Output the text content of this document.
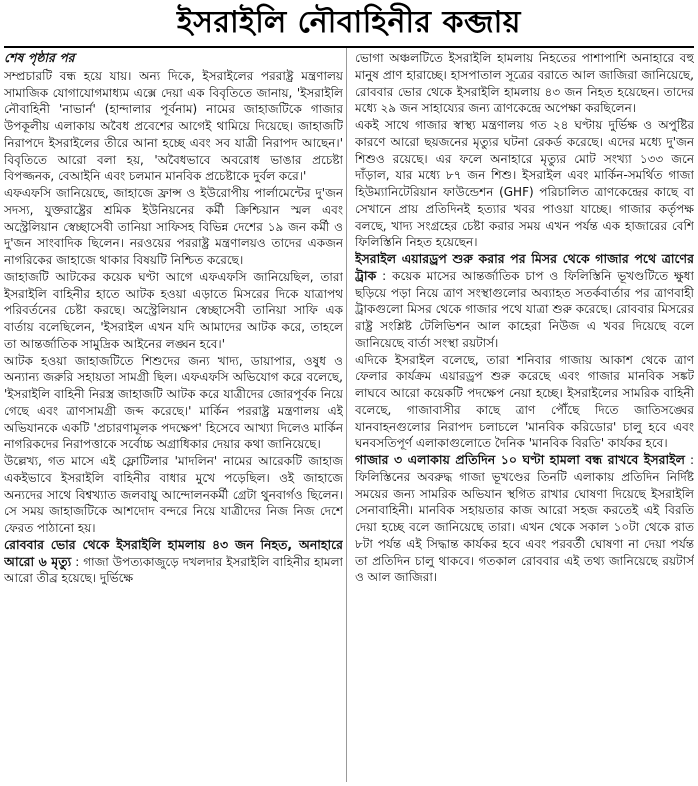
ইসরাইলি নৌবাহিনীর কব্জায়

শেষ পৃষ্ঠার পর

সম্প্রচারটি বন্ধ হয়ে যায়। অন্য দিকে, ইসরাইলের পররাষ্ট্র মন্ত্রণালয় সামাজিক যোগাযোগমাধ্যম এক্সে দেয়া এক বিবৃতিতে জানায়, 'ইসরাইলি নৌবাহিনী 'নাভার্ন' (হান্দালার পূর্বনাম) নামের জাহাজটিকে গাজার উপকূলীয় এলাকায় অবৈধ প্রবেশের আগেই থামিয়ে দিয়েছে। জাহাজটি নিরাপদে ইসরাইলের তীরে আনা হচ্ছে এবং সব যাত্রী নিরাপদ আছেন।' বিবৃতিতে আরো বলা হয়, 'অবৈধভাবে অবরোধ ভাঙার প্রচেষ্টা বিপজ্জনক, বেআইনি এবং চলমান মানবিক প্রচেষ্টাকে দুর্বল করে।'

এফএফসি জানিয়েছে, জাহাজে ফ্রান্স ও ইউরোপীয় পার্লামেন্টের দু'জন সদস্য, যুক্তরাষ্ট্রের শ্রমিক ইউনিয়নের কর্মী ক্রিশ্চিয়ান স্মল এবং অস্ট্রেলিয়ান স্বেচ্ছাসেবী তানিয়া সাফিসহ বিভিন্ন দেশের ১৯ জন কর্মী ও দু'জন সাংবাদিক ছিলেন। নরওয়ের পররাষ্ট্র মন্ত্রণালয়ও তাদের একজন নাগরিকের জাহাজে থাকার বিষয়টি নিশ্চিত করেছে।

জাহাজটি আটকের কয়েক ঘণ্টা আগে এফএফসি জানিয়েছিল, তারা ইসরাইলি বাহিনীর হাতে আটক হওয়া এড়াতে মিসরের দিকে যাত্রাপথ পরিবর্তনের চেষ্টা করছে। অস্ট্রেলিয়ান স্বেচ্ছাসেবী তানিয়া সাফি এক বার্তায় বলেছিলেন, 'ইসরাইল এখন যদি আমাদের আটক করে, তাহলে তা আন্তর্জাতিক সামুদ্রিক আইনের লঙ্ঘন হবে।'

আটক হওয়া জাহাজটিতে শিশুদের জন্য খাদ্য, ডায়াপার, ওষুধ ও অন্যান্য জরুরি সহায়তা সামগ্রী ছিল। এফএফসি অভিযোগ করে বলেছে, 'ইসরাইলি বাহিনী নিরস্ত্র জাহাজটি আটক করে যাত্রীদের জোরপূর্বক নিয়ে গেছে এবং ত্রাণসামগ্রী জব্দ করেছে।' মার্কিন পররাষ্ট্র মন্ত্রণালয় এই অভিযানকে একটি 'প্রচারণামূলক পদক্ষেপ' হিসেবে আখ্যা দিলেও মার্কিন নাগরিকদের নিরাপত্তাকে সর্বোচ্চ অগ্রাধিকার দেয়ার কথা জানিয়েছে।

উল্লেখ্য, গত মাসে এই ফ্লোটিলার 'মাদলিন' নামের আরেকটি জাহাজ একইভাবে ইসরাইলি বাহিনীর বাধার মুখে পড়েছিল। ওই জাহাজে অন্যদের সাথে বিশ্বখ্যাত জলবায়ু আন্দোলনকর্মী গ্রেটা থুনবার্গও ছিলেন। সে সময় জাহাজটিকে আশদোদ বন্দরে নিয়ে যাত্রীদের নিজ নিজ দেশে ফেরত পাঠানো হয়।

রোববার ভোর থেকে ইসরাইলি হামলায় ৪৩ জন নিহত, অনাহারে আরো ৬ মৃত্যু : গাজা উপত্যকাজুড়ে দখলদার ইসরাইলি বাহিনীর হামলা আরো তীব্র হয়েছে। দুর্ভিক্ষে

ভোগা অঞ্চলটিতে ইসরাইলি হামলায় নিহতের পাশাপাশি অনাহারে বহু মানুষ প্রাণ হারাচ্ছে। হাসপাতাল সূত্রের বরাতে আল জাজিরা জানিয়েছে, রোববার ভোর থেকে ইসরাইলি হামলায় ৪৩ জন নিহত হয়েছেন। তাদের মধ্যে ২৯ জন সাহায্যের জন্য ত্রাণকেন্দ্রে অপেক্ষা করছিলেন।

একই সাথে গাজার স্বাস্থ্য মন্ত্রণালয় গত ২৪ ঘণ্টায় দুর্ভিক্ষ ও অপুষ্টির কারণে আরো ছয়জনের মৃত্যুর ঘটনা রেকর্ড করেছে। এদের মধ্যে দু'জন শিশুও রয়েছে। এর ফলে অনাহারে মৃত্যুর মোট সংখ্যা ১৩৩ জনে দাঁড়াল, যার মধ্যে ৮৭ জন শিশু। ইসরাইল এবং মার্কিন-সমর্থিত গাজা হিউম্যানিটেরিয়ান ফাউন্ডেশন (GHF) পরিচালিত ত্রাণকেন্দ্রের কাছে বা সেখানে প্রায় প্রতিদিনই হত্যার খবর পাওয়া যাচ্ছে। গাজার কর্তৃপক্ষ বলছে, খাদ্য সংগ্রহের চেষ্টা করার সময় এখন পর্যন্ত এক হাজারের বেশি ফিলিস্তিনি নিহত হয়েছেন।

ইসরাইল এয়ারড্রপ শুরু করার পর মিসর থেকে গাজার পথে ত্রাণের ট্রাক : কয়েক মাসের আন্তর্জাতিক চাপ ও ফিলিস্তিনি ভূখণ্ডটিতে ক্ষুধা ছড়িয়ে পড়া নিয়ে ত্রাণ সংস্থাগুলোর অব্যাহত সতর্কবার্তার পর ত্রাণবাহী ট্রাকগুলো মিসর থেকে গাজার পথে যাত্রা শুরু করেছে। রোববার মিসরের রাষ্ট্র সংশ্লিষ্ট টেলিভিশন আল কাহেরা নিউজ এ খবর দিয়েছে বলে জানিয়েছে বার্তা সংস্থা রয়টার্স।

এদিকে ইসরাইল বলেছে, তারা শনিবার গাজায় আকাশ থেকে ত্রাণ ফেলার কার্যক্রম এয়ারড্রপ শুরু করেছে এবং গাজার মানবিক সঙ্কট লাঘবে আরো কয়েকটি পদক্ষেপ নেয়া হচ্ছে। ইসরাইলের সামরিক বাহিনী বলেছে, গাজাবাসীর কাছে ত্রাণ পৌঁছে দিতে জাতিসঙ্ঘের যানবাহনগুলোর নিরাপদ চলাচলে 'মানবিক করিডোর' চালু হবে এবং ঘনবসতিপূর্ণ এলাকাগুলোতে দৈনিক 'মানবিক বিরতি' কার্যকর হবে।

গাজার ৩ এলাকায় প্রতিদিন ১০ ঘণ্টা হামলা বন্ধ রাখবে ইসরাইল : ফিলিস্তিনের অবরুদ্ধ গাজা ভূখণ্ডের তিনটি এলাকায় প্রতিদিন নির্দিষ্ট সময়ের জন্য সামরিক অভিযান স্থগিত রাখার ঘোষণা দিয়েছে ইসরাইলি সেনাবাহিনী। মানবিক সহায়তার কাজ আরো সহজ করতেই এই বিরতি দেয়া হচ্ছে বলে জানিয়েছে তারা। এখন থেকে সকাল ১০টা থেকে রাত ৮টা পর্যন্ত এই সিদ্ধান্ত কার্যকর হবে এবং পরবর্তী ঘোষণা না দেয়া পর্যন্ত তা প্রতিদিন চালু থাকবে। গতকাল রোববার এই তথ্য জানিয়েছে রয়টার্স ও আল জাজিরা।
